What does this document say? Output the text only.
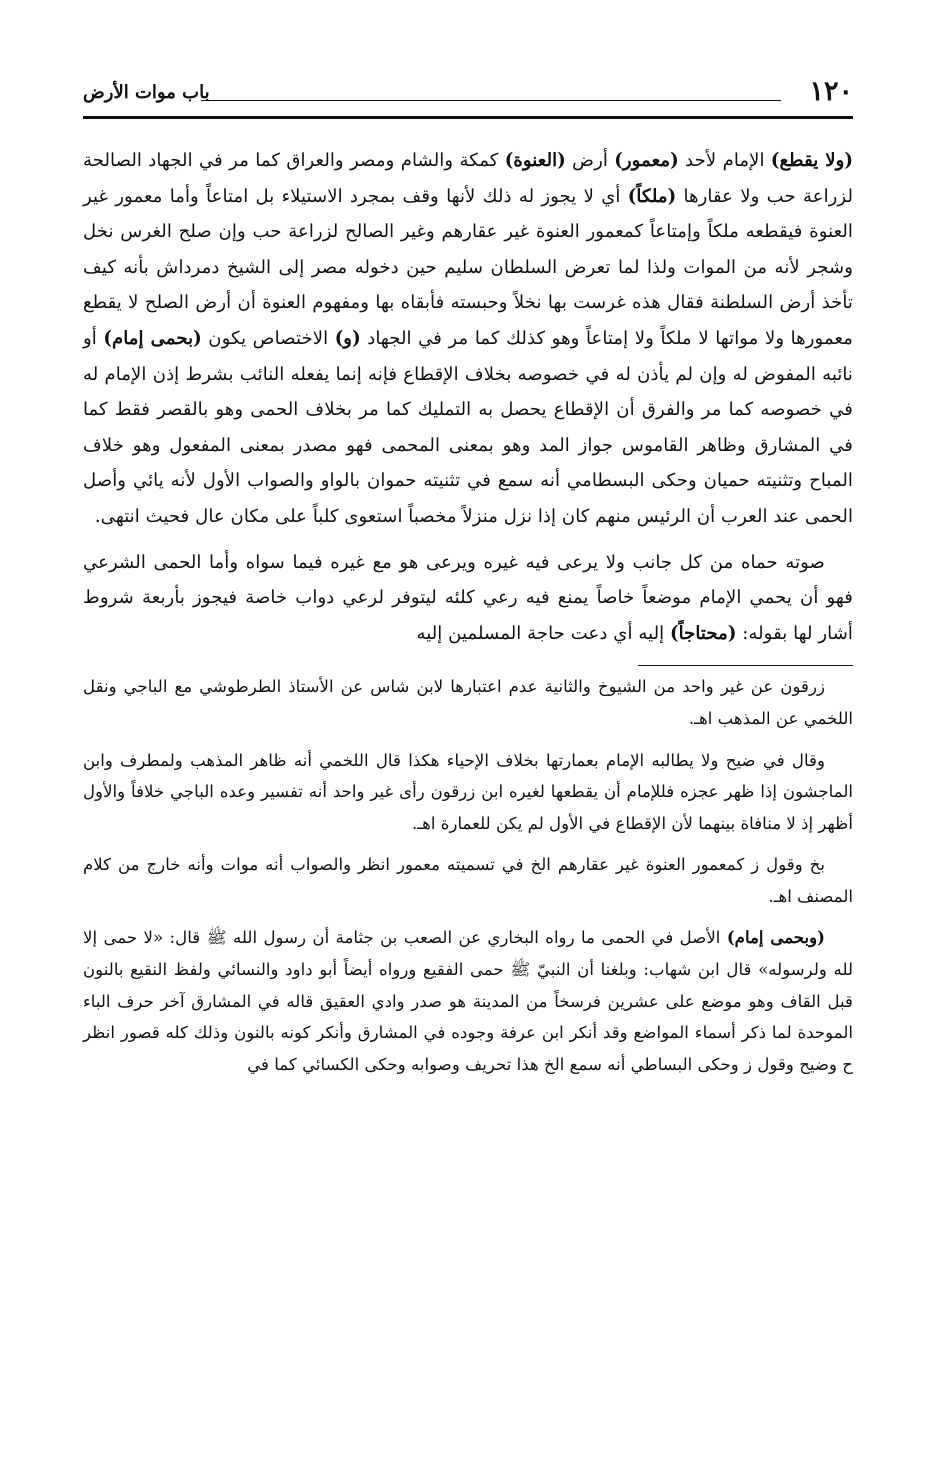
١٢٠
باب موات الأرض

(ولا يقطع) الإمام لأحد (معمور) أرض (العنوة) كمكة والشام ومصر والعراق كما مر في الجهاد الصالحة لزراعة حب ولا عقارها (ملكاً) أي لا يجوز له ذلك لأنها وقف بمجرد الاستيلاء بل امتاعاً وأما معمور غير العنوة فيقطعه ملكاً وإمتاعاً كمعمور العنوة غير عقارهم وغير الصالح لزراعة حب وإن صلح الغرس نخل وشجر لأنه من الموات ولذا لما تعرض السلطان سليم حين دخوله مصر إلى الشيخ دمرداش بأنه كيف تأخذ أرض السلطنة فقال هذه غرست بها نخلاً وحبسته فأبقاه بها ومفهوم العنوة أن أرض الصلح لا يقطع معمورها ولا مواتها لا ملكاً ولا إمتاعاً وهو كذلك كما مر في الجهاد (و) الاختصاص يكون (بحمى إمام) أو نائبه المفوض له وإن لم يأذن له في خصوصه بخلاف الإقطاع فإنه إنما يفعله النائب بشرط إذن الإمام له في خصوصه كما مر والفرق أن الإقطاع يحصل به التمليك كما مر بخلاف الحمى وهو بالقصر فقط كما في المشارق وظاهر القاموس جواز المد وهو بمعنى المحمى فهو مصدر بمعنى المفعول وهو خلاف المباح وتثنيته حميان وحكى البسطامي أنه سمع في تثنيته حموان بالواو والصواب الأول لأنه يائي وأصل الحمى عند العرب أن الرئيس منهم كان إذا نزل منزلاً مخصباً استعوى كلباً على مكان عال فحيث انتهى.

صوته حماه من كل جانب ولا يرعى فيه غيره ويرعى هو مع غيره فيما سواه وأما الحمى الشرعي فهو أن يحمي الإمام موضعاً خاصاً يمنع فيه رعي كلئه ليتوفر لرعي دواب خاصة فيجوز بأربعة شروط أشار لها بقوله: (محتاجاً) إليه أي دعت حاجة المسلمين إليه

زرقون عن غير واحد من الشيوخ والثانية عدم اعتبارها لابن شاس عن الأستاذ الطرطوشي مع الباجي ونقل اللخمي عن المذهب اهـ.

وقال في ضيح ولا يطالبه الإمام بعمارتها بخلاف الإحياء هكذا قال اللخمي أنه ظاهر المذهب ولمطرف وابن الماجشون إذا ظهر عجزه فللإمام أن يقطعها لغيره ابن زرقون رأى غير واحد أنه تفسير وعده الباجي خلافاً والأول أظهر إذ لا منافاة بينهما لأن الإقطاع في الأول لم يكن للعمارة اهـ.

بخ وقول ز كمعمور العنوة غير عقارهم الخ في تسميته معمور انظر والصواب أنه موات وأنه خارج من كلام المصنف اهـ.

(وبحمى إمام) الأصل في الحمى ما رواه البخاري عن الصعب بن جثامة أن رسول الله ﷺ قال: «لا حمى إلا لله ولرسوله» قال ابن شهاب: وبلغنا أن النبيّ ﷺ حمى الفقيع ورواه أيضاً أبو داود والنسائي ولفظ النقيع بالنون قبل القاف وهو موضع على عشرين فرسخاً من المدينة هو صدر وادي العقيق قاله في المشارق آخر حرف الباء الموحدة لما ذكر أسماء المواضع وقد أنكر ابن عرفة وجوده في المشارق وأنكر كونه بالنون وذلك كله قصور انظر ح وضيح وقول ز وحكى البساطي أنه سمع الخ هذا تحريف وصوابه وحكى الكسائي كما في
